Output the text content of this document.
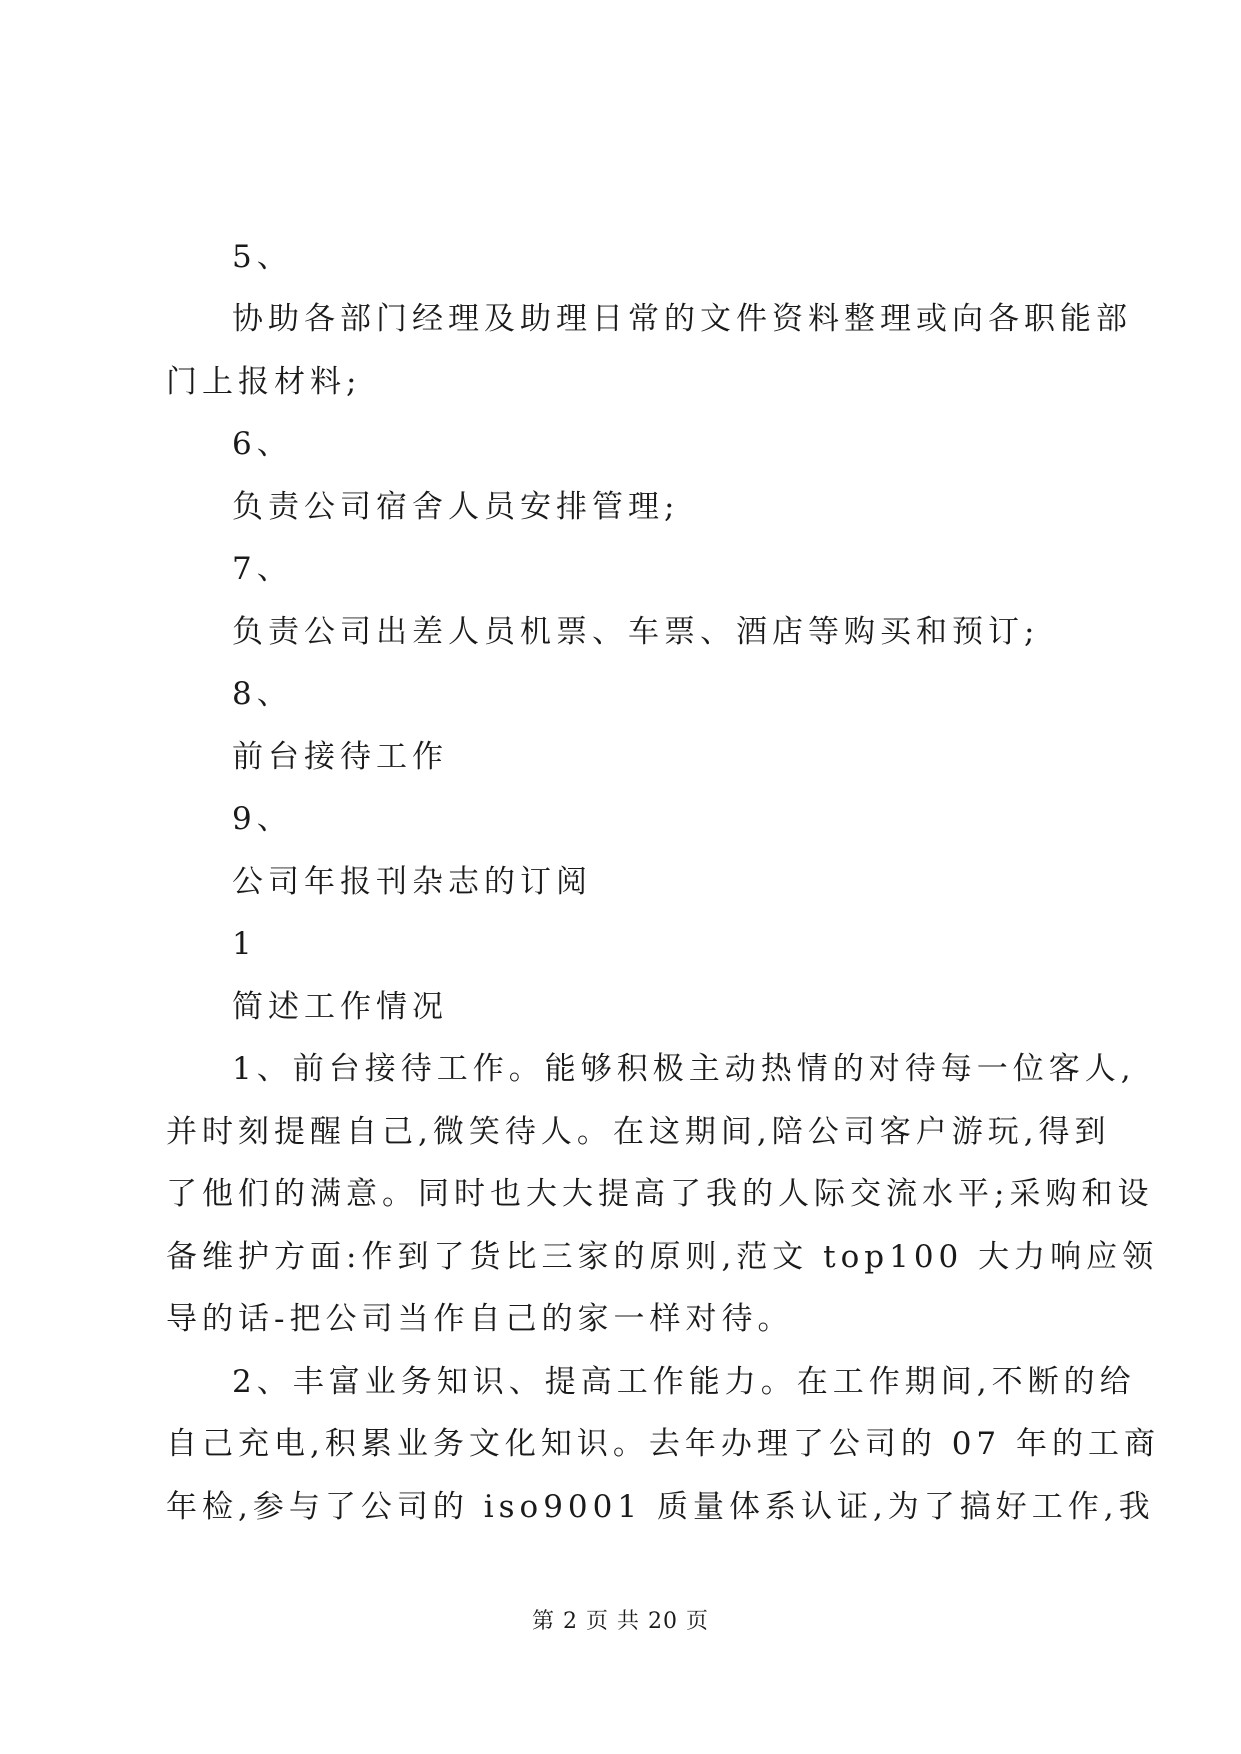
5、
协助各部门经理及助理日常的文件资料整理或向各职能部
门上报材料;
6、
负责公司宿舍人员安排管理;
7、
负责公司出差人员机票、车票、酒店等购买和预订;
8、
前台接待工作
9、
公司年报刊杂志的订阅
1
简述工作情况
1、前台接待工作。能够积极主动热情的对待每一位客人,
并时刻提醒自己,微笑待人。在这期间,陪公司客户游玩,得到
了他们的满意。同时也大大提高了我的人际交流水平;采购和设
备维护方面:作到了货比三家的原则,范文 top100 大力响应领
导的话-把公司当作自己的家一样对待。
2、丰富业务知识、提高工作能力。在工作期间,不断的给
自己充电,积累业务文化知识。去年办理了公司的 07 年的工商
年检,参与了公司的 iso9001 质量体系认证,为了搞好工作,我
第 2 页 共 20 页
